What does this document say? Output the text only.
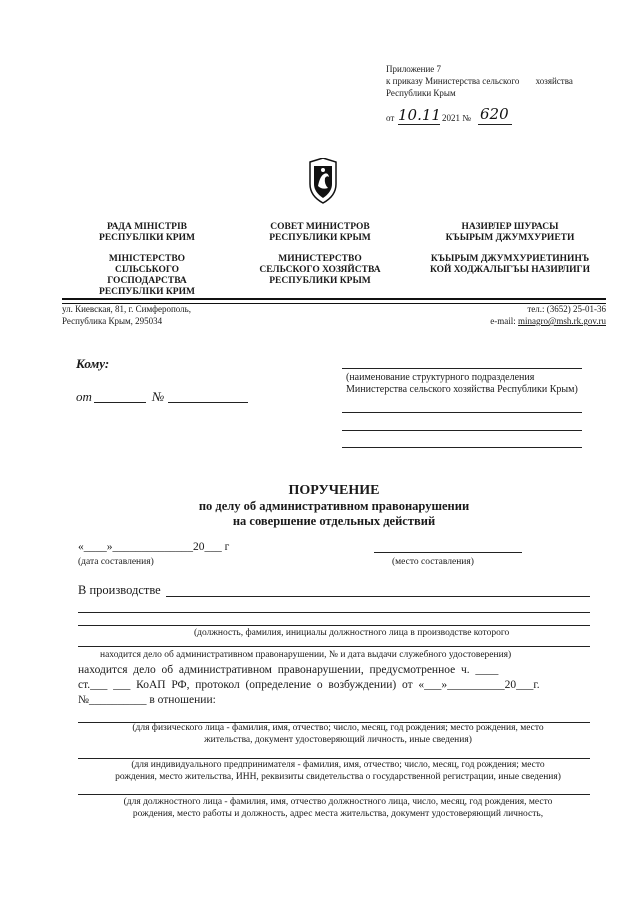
Приложение 7
к приказу Министерства сельского хозяйства
Республики Крым
от 10.11 2021 № 620
РАДА МІНІСТРІВ
РЕСПУБЛІКИ КРИМ
МІНІСТЕРСТВО
СІЛЬСЬКОГО
ГОСПОДАРСТВА
РЕСПУБЛІКИ КРИМ
СОВЕТ МИНИСТРОВ
РЕСПУБЛИКИ КРЫМ
МИНИСТЕРСТВО
СЕЛЬСКОГО ХОЗЯЙСТВА
РЕСПУБЛИКИ КРЫМ
НАЗИРЛЕР ШУРАСЫ
КЪЫРЫМ ДЖУМХУРИЕТИ
КЪЫРЫМ ДЖУМХУРИЕТИНИНЪ
КОЙ ХОДЖАЛЫГЪЫ НАЗИРЛИГИ
ул. Киевская, 81, г. Симферополь,
Республика Крым, 295034
тел.: (3652) 25-01-36
e-mail: minagro@msh.rk.gov.ru
Кому:
от	№
(наименование структурного подразделения Министерства сельского хозяйства Республики Крым)
ПОРУЧЕНИЕ
по делу об административном правонарушении
на совершение отдельных действий
«____»______________20___ г
(дата составления)	(место составления)
В производстве
(должность, фамилия, инициалы должностного лица в производстве которого
находится дело об административном правонарушении, № и дата выдачи служебного удостоверения)
находится  дело  об  административном  правонарушении,  предусмотренное  ч.  ____
ст.___  ___  КоАП  РФ,  протокол  (определение  о  возбуждении)  от  «___»__________20___г.
№__________ в отношении:
(для физического лица - фамилия, имя, отчество; число, месяц, год рождения; место рождения, место
жительства, документ удостоверяющий личность, иные сведения)
(для индивидуального предпринимателя - фамилия, имя, отчество; число, месяц, год рождения; место
рождения, место жительства, ИНН, реквизиты свидетельства о государственной регистрации, иные сведения)
(для должностного лица - фамилия, имя, отчество должностного лица, число, месяц, год рождения, место
рождения, место работы и должность, адрес места жительства, документ удостоверяющий личность,
